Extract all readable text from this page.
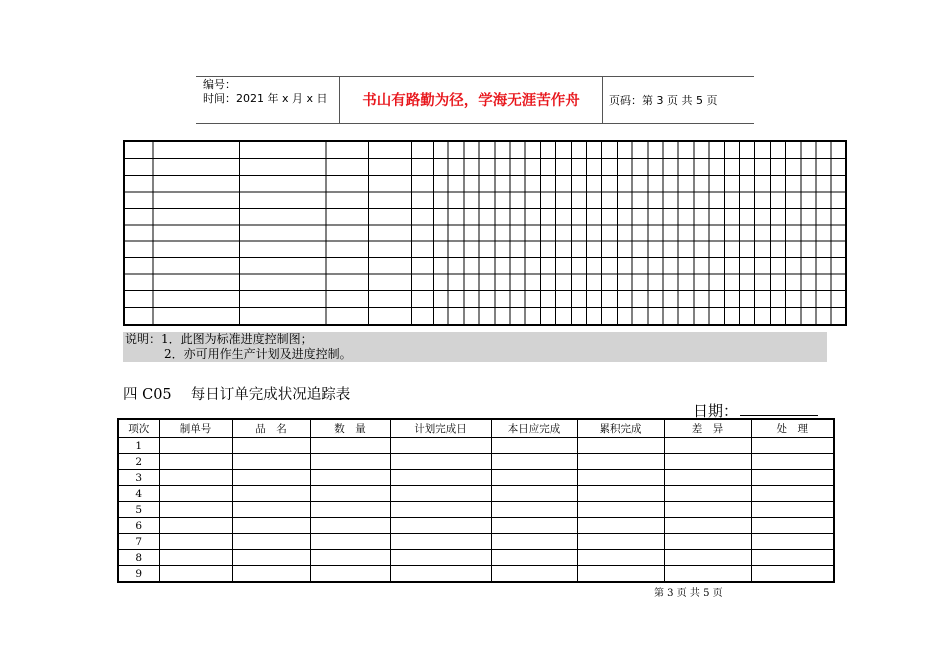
编号：
时间：2021 年 x 月 x 日	书山有路勤为径，学海无涯苦作舟	页码：第 3 页 共 5 页
说明：1．此图为标准进度控制图；
2．亦可用作生产计划及进度控制。
四 C05　 每日订单完成状况追踪表
日期：
项次	制单号	品　名	数　量	计划完成日	本日应完成	累积完成	差　异	处　理
1								
2								
3								
4								
5								
6								
7								
8								
9								
第 3 页 共 5 页
